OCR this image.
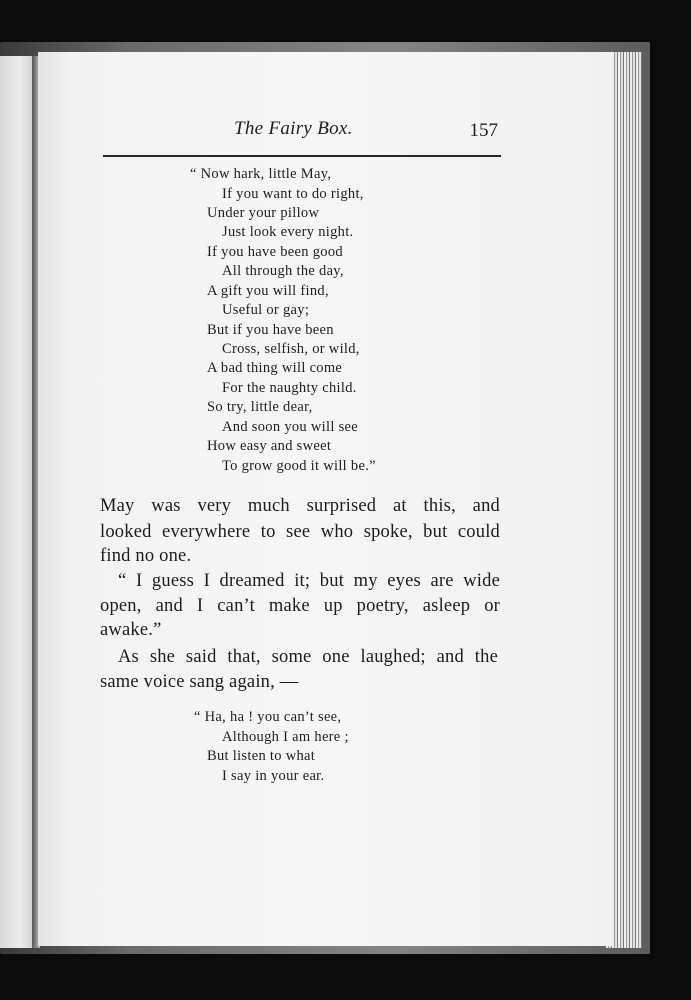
The Fairy Box.	157
“ Now hark, little May,
If you want to do right,
Under your pillow
Just look every night.
If you have been good
All through the day,
A gift you will find,
Useful or gay;
But if you have been
Cross, selfish, or wild,
A bad thing will come
For the naughty child.
So try, little dear,
And soon you will see
How easy and sweet
To grow good it will be.”
May was very much surprised at this, and
looked everywhere to see who spoke, but could
find no one.
“ I guess I dreamed it; but my eyes are wide
open, and I can’t make up poetry, asleep or
awake.”
As she said that, some one laughed; and the
same voice sang again, —
“ Ha, ha ! you can’t see,
Although I am here ;
But listen to what
I say in your ear.
